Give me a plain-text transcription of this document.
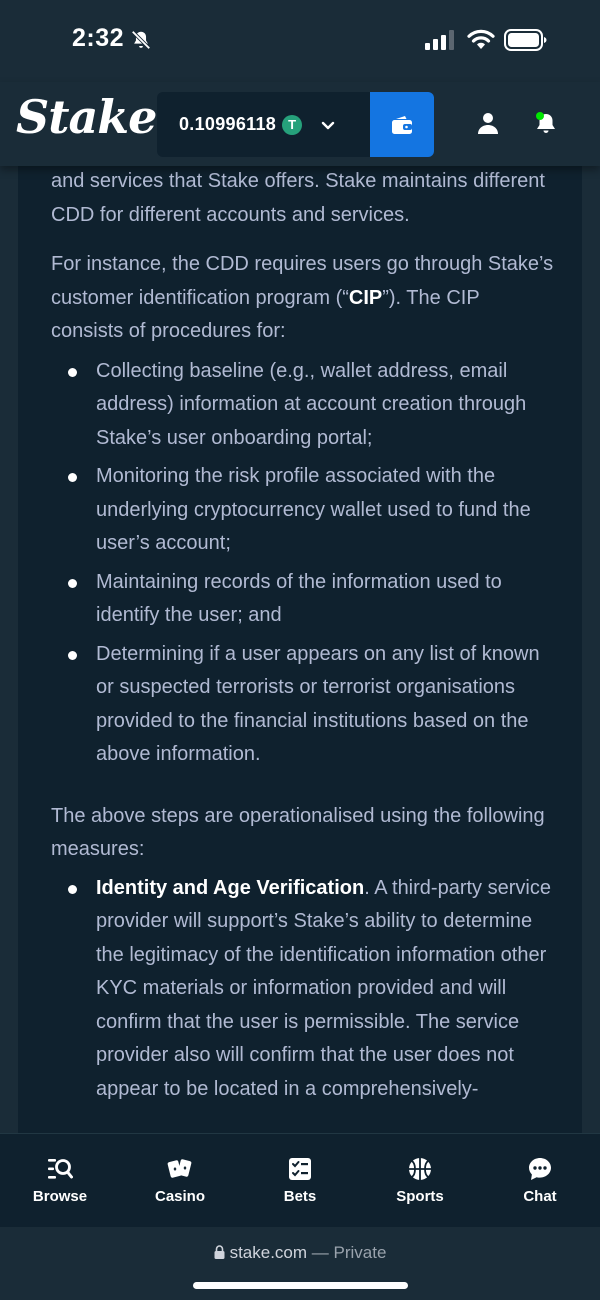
2:32
Stake 0.10996118 T

and services that Stake offers. Stake maintains different CDD for different accounts and services.

For instance, the CDD requires users go through Stake’s customer identification program (“CIP”). The CIP consists of procedures for:

Collecting baseline (e.g., wallet address, email address) information at account creation through Stake’s user onboarding portal;
Monitoring the risk profile associated with the underlying cryptocurrency wallet used to fund the user’s account;
Maintaining records of the information used to identify the user; and
Determining if a user appears on any list of known or suspected terrorists or terrorist organisations provided to the financial institutions based on the above information.

The above steps are operationalised using the following measures:

Identity and Age Verification. A third-party service provider will support’s Stake’s ability to determine the legitimacy of the identification information other KYC materials or information provided and will confirm that the user is permissible. The service provider also will confirm that the user does not appear to be located in a comprehensively-
Browse	Casino	Bets	Sports	Chat
stake.com — Private
